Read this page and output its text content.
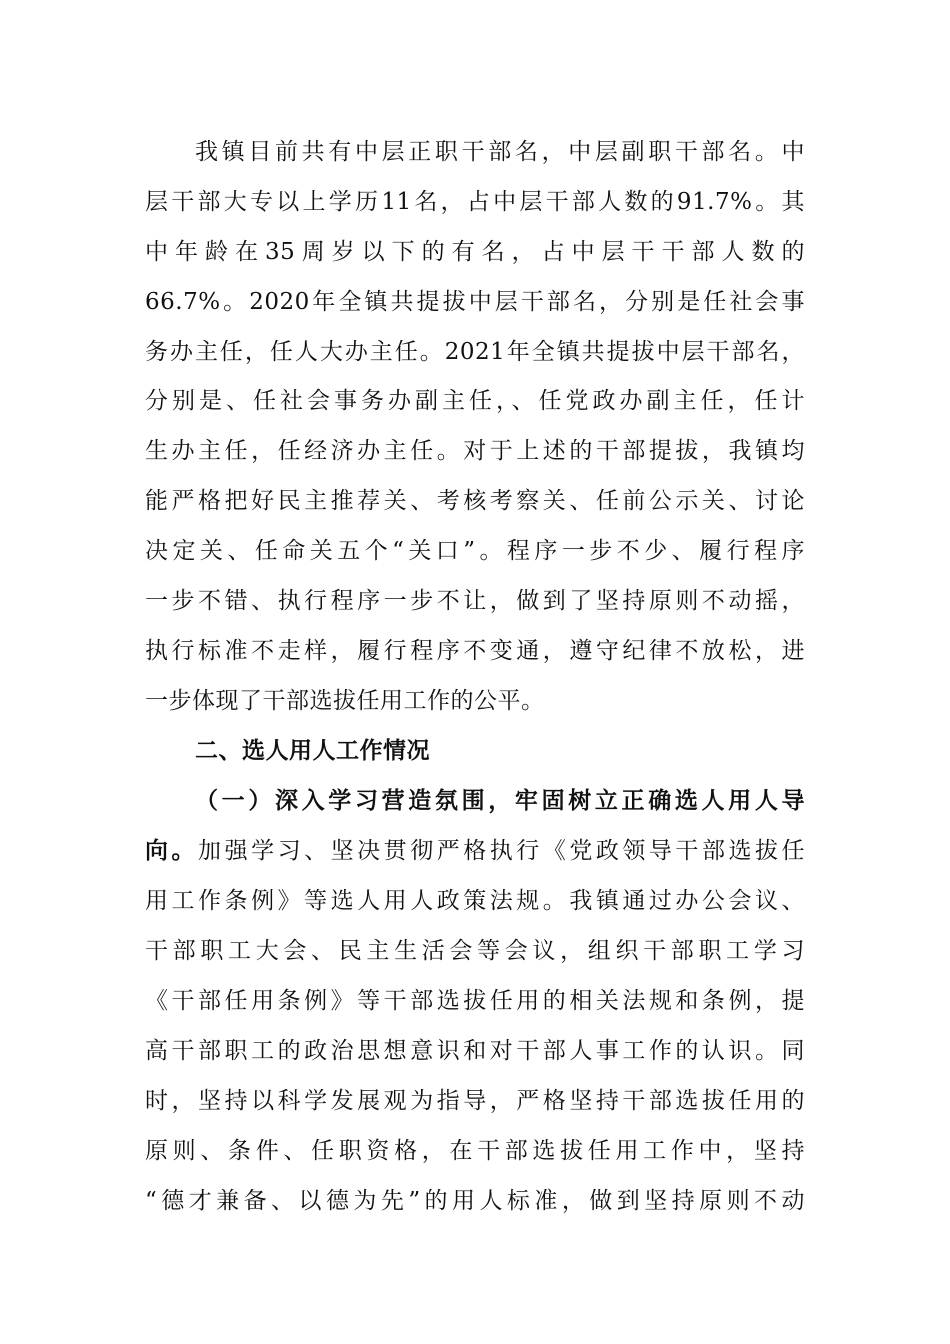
我镇目前共有中层正职干部名，中层副职干部名。中
层干部大专以上学历11名，占中层干部人数的91.7%。其
中年龄在35周岁以下的有名，占中层干干部人数的
66.7%。2020年全镇共提拔中层干部名，分别是任社会事
务办主任，任人大办主任。2021年全镇共提拔中层干部名，
分别是、任社会事务办副主任，、任党政办副主任，任计
生办主任，任经济办主任。对于上述的干部提拔，我镇均
能严格把好民主推荐关、考核考察关、任前公示关、讨论
决定关、任命关五个“关口”。程序一步不少、履行程序
一步不错、执行程序一步不让，做到了坚持原则不动摇，
执行标准不走样，履行程序不变通，遵守纪律不放松，进
一步体现了干部选拔任用工作的公平。
二、选人用人工作情况
（一）深入学习营造氛围，牢固树立正确选人用人导
向。加强学习、坚决贯彻严格执行《党政领导干部选拔任
用工作条例》等选人用人政策法规。我镇通过办公会议、
干部职工大会、民主生活会等会议，组织干部职工学习
《干部任用条例》等干部选拔任用的相关法规和条例，提
高干部职工的政治思想意识和对干部人事工作的认识。同
时，坚持以科学发展观为指导，严格坚持干部选拔任用的
原则、条件、任职资格，在干部选拔任用工作中，坚持
“德才兼备、以德为先”的用人标准，做到坚持原则不动
